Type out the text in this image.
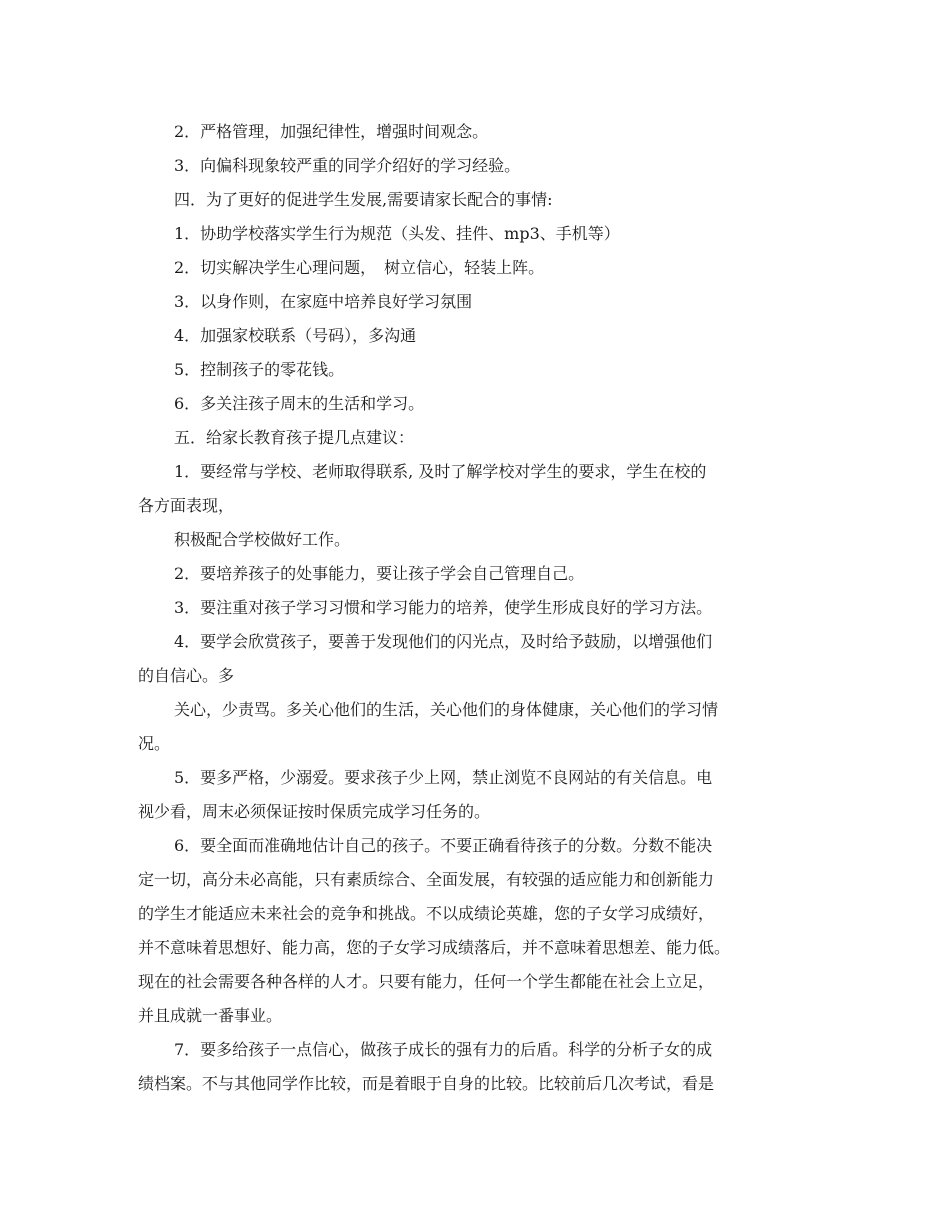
2．严格管理，加强纪律性，增强时间观念。
3．向偏科现象较严重的同学介绍好的学习经验。
四．为了更好的促进学生发展,需要请家长配合的事情:
1．协助学校落实学生行为规范（头发、挂件、mp3、手机等）
2．切实解决学生心理问题，　树立信心，轻装上阵。
3．以身作则，在家庭中培养良好学习氛围
4．加强家校联系（号码），多沟通
5．控制孩子的零花钱。
6．多关注孩子周末的生活和学习。
五．给家长教育孩子提几点建议：
1．要经常与学校、老师取得联系, 及时了解学校对学生的要求，学生在校的
各方面表现，
积极配合学校做好工作。
2．要培养孩子的处事能力，要让孩子学会自己管理自己。
3．要注重对孩子学习习惯和学习能力的培养，使学生形成良好的学习方法。
4．要学会欣赏孩子，要善于发现他们的闪光点，及时给予鼓励，以增强他们
的自信心。多
关心，少责骂。多关心他们的生活，关心他们的身体健康，关心他们的学习情
况。
5．要多严格，少溺爱。要求孩子少上网，禁止浏览不良网站的有关信息。电
视少看，周末必须保证按时保质完成学习任务的。
6．要全面而准确地估计自己的孩子。不要正确看待孩子的分数。分数不能决
定一切，高分未必高能，只有素质综合、全面发展，有较强的适应能力和创新能力
的学生才能适应未来社会的竞争和挑战。不以成绩论英雄，您的子女学习成绩好，
并不意味着思想好、能力高，您的子女学习成绩落后，并不意味着思想差、能力低。
现在的社会需要各种各样的人才。只要有能力，任何一个学生都能在社会上立足，
并且成就一番事业。
7．要多给孩子一点信心，做孩子成长的强有力的后盾。科学的分析子女的成
绩档案。不与其他同学作比较，而是着眼于自身的比较。比较前后几次考试，看是
